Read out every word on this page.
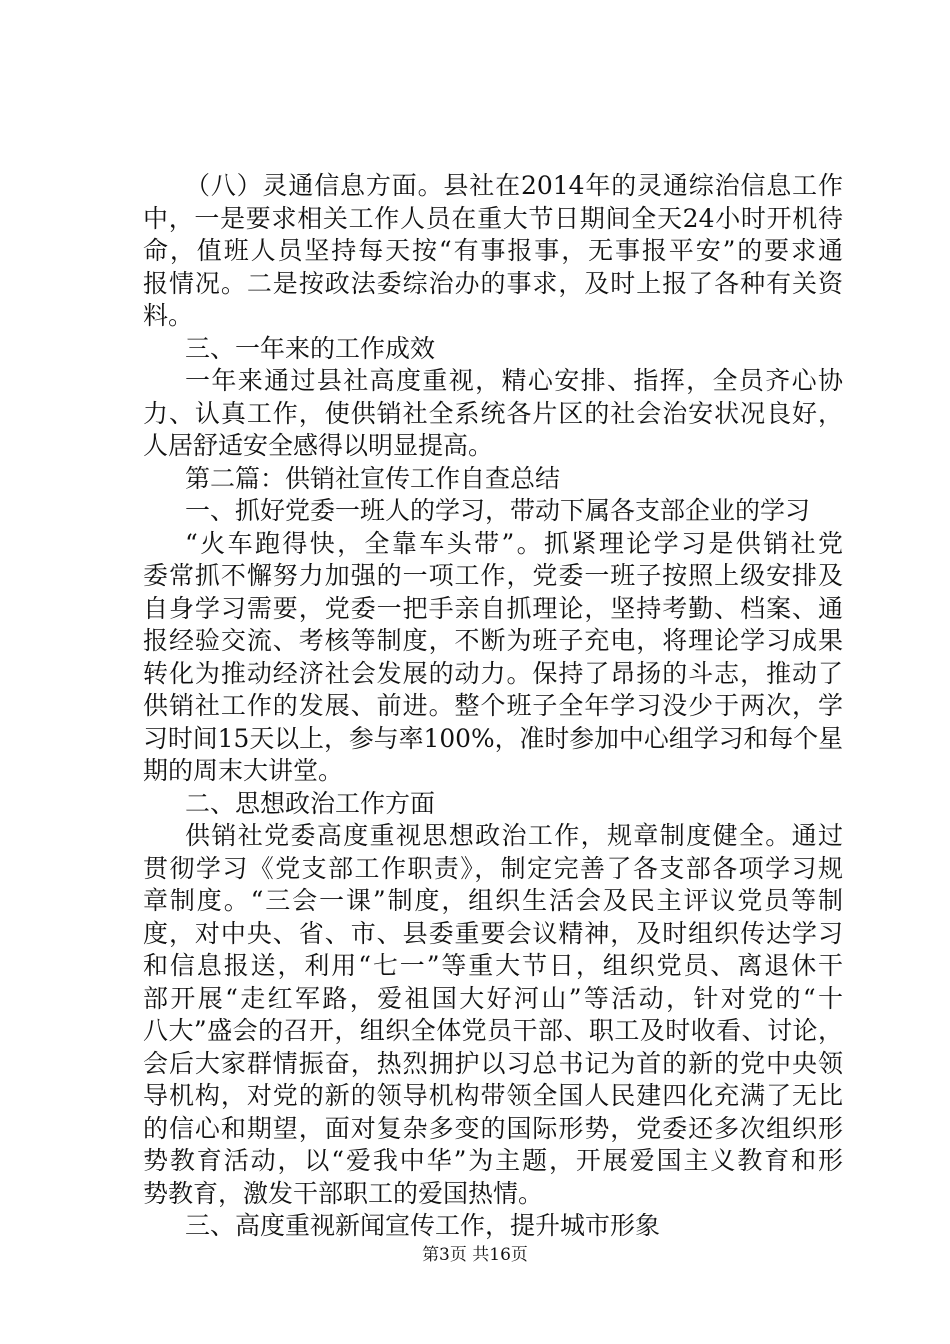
（八）灵通信息方面。县社在2014年的灵通综治信息工作
中，一是要求相关工作人员在重大节日期间全天24小时开机待
命，值班人员坚持每天按“有事报事，无事报平安”的要求通
报情况。二是按政法委综治办的事求，及时上报了各种有关资
料。
三、一年来的工作成效
一年来通过县社高度重视，精心安排、指挥，全员齐心协
力、认真工作，使供销社全系统各片区的社会治安状况良好，
人居舒适安全感得以明显提高。
第二篇：供销社宣传工作自查总结
一、抓好党委一班人的学习，带动下属各支部企业的学习
“火车跑得快，全靠车头带”。抓紧理论学习是供销社党
委常抓不懈努力加强的一项工作，党委一班子按照上级安排及
自身学习需要，党委一把手亲自抓理论，坚持考勤、档案、通
报经验交流、考核等制度，不断为班子充电，将理论学习成果
转化为推动经济社会发展的动力。保持了昂扬的斗志，推动了
供销社工作的发展、前进。整个班子全年学习没少于两次，学
习时间15天以上，参与率100%，准时参加中心组学习和每个星
期的周末大讲堂。
二、思想政治工作方面
供销社党委高度重视思想政治工作，规章制度健全。通过
贯彻学习《党支部工作职责》，制定完善了各支部各项学习规
章制度。“三会一课”制度，组织生活会及民主评议党员等制
度，对中央、省、市、县委重要会议精神，及时组织传达学习
和信息报送，利用“七一”等重大节日，组织党员、离退休干
部开展“走红军路，爱祖国大好河山”等活动，针对党的“十
八大”盛会的召开，组织全体党员干部、职工及时收看、讨论，
会后大家群情振奋，热烈拥护以习总书记为首的新的党中央领
导机构，对党的新的领导机构带领全国人民建四化充满了无比
的信心和期望，面对复杂多变的国际形势，党委还多次组织形
势教育活动，以“爱我中华”为主题，开展爱国主义教育和形
势教育，激发干部职工的爱国热情。
三、高度重视新闻宣传工作，提升城市形象
第3页 共16页
